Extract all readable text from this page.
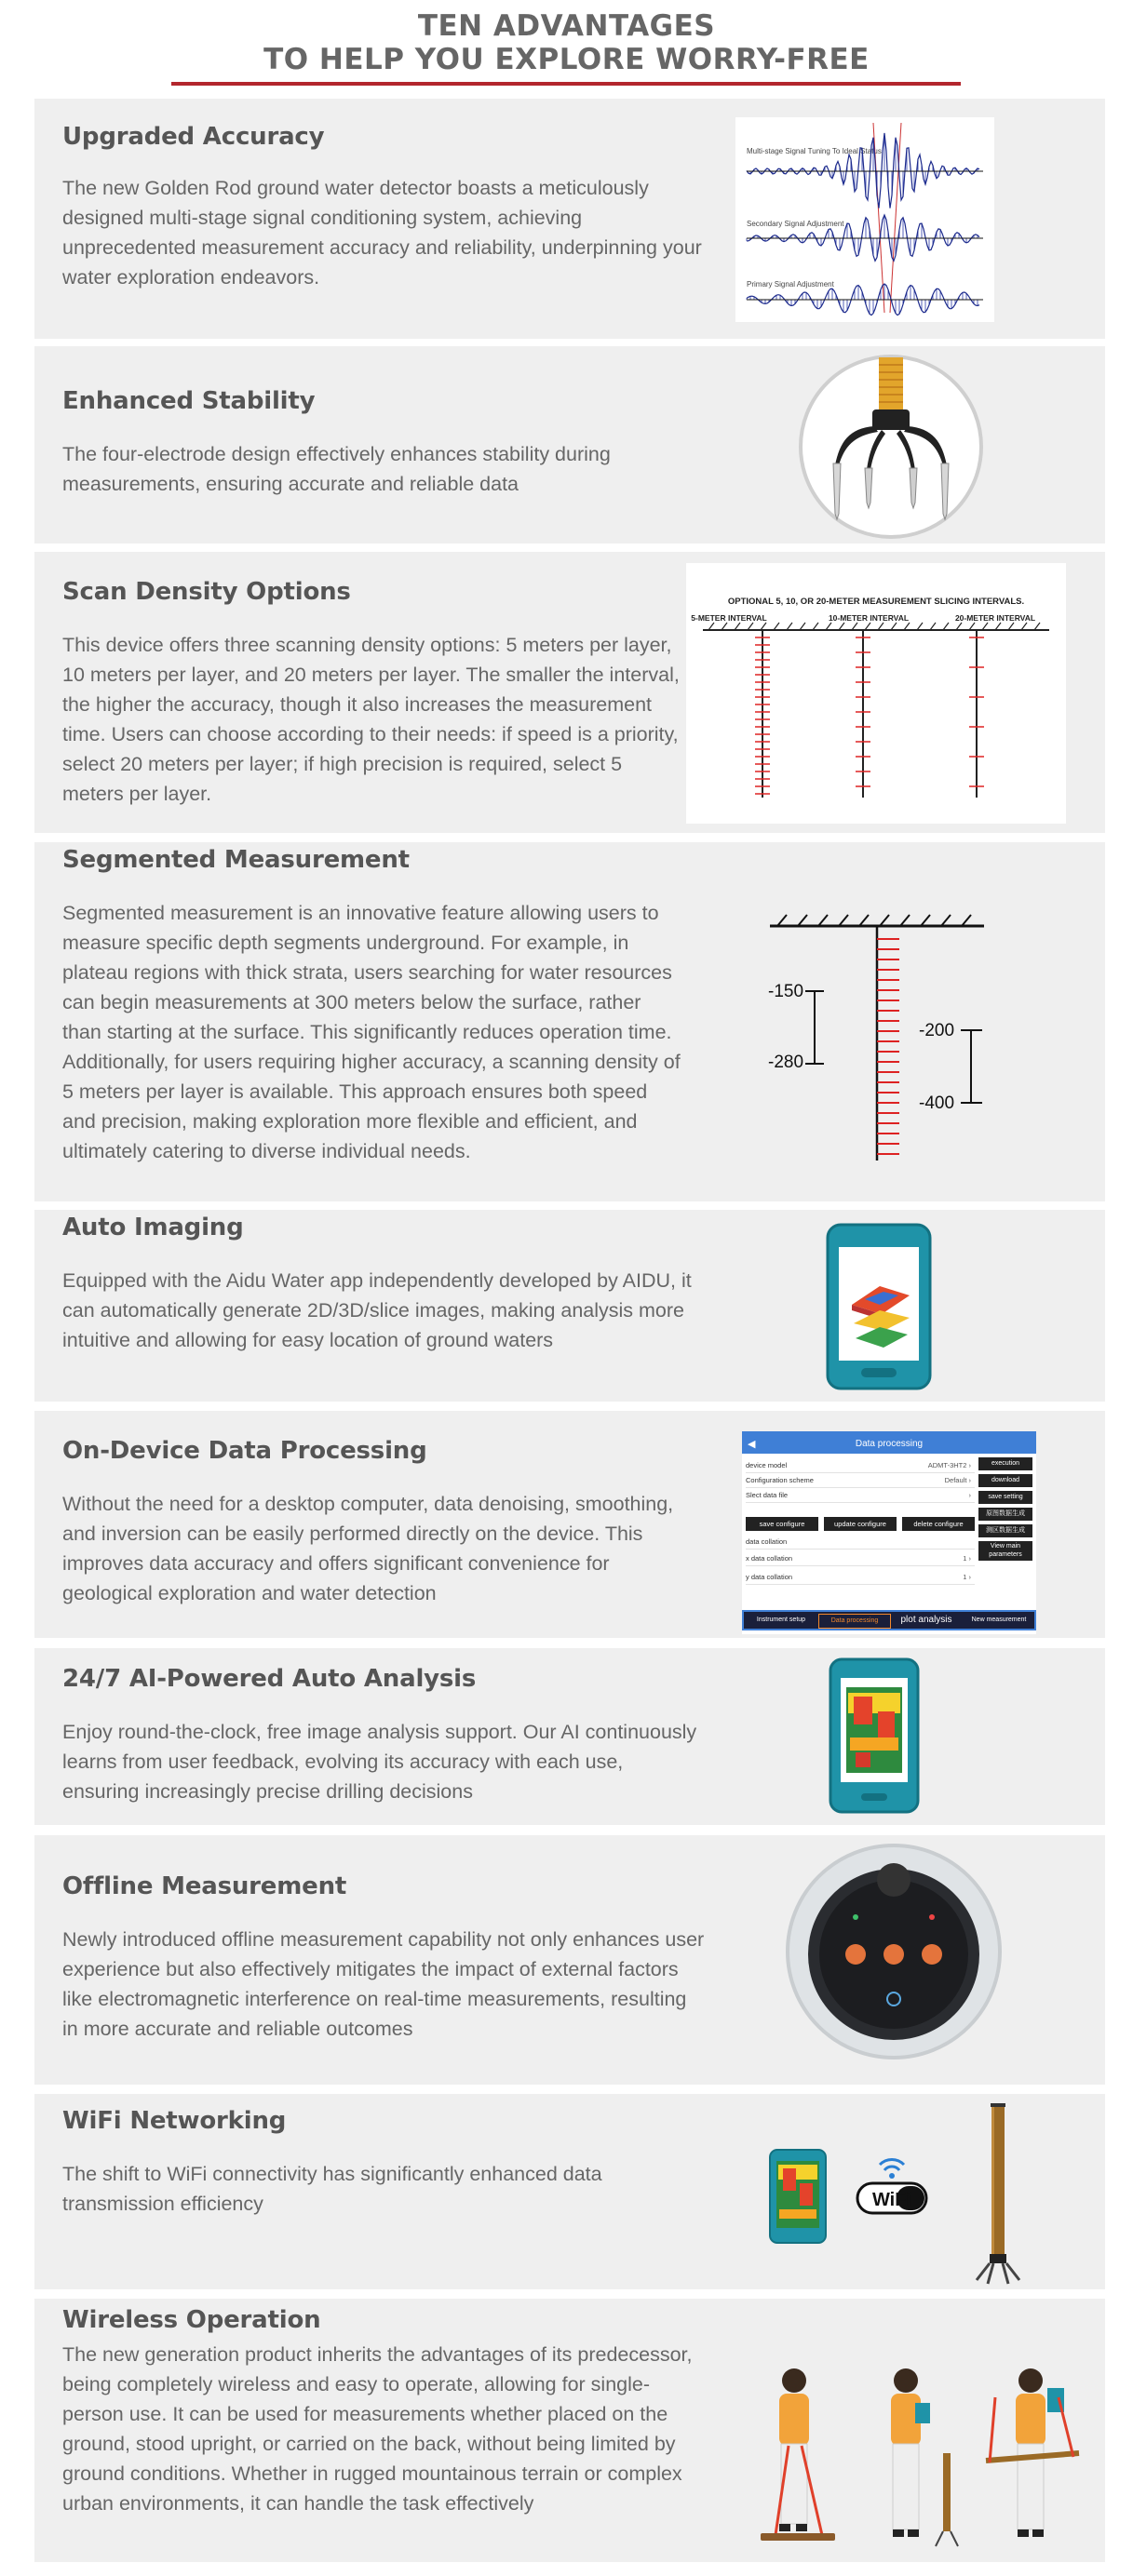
TEN ADVANTAGES
TO HELP YOU EXPLORE WORRY-FREE
Upgraded Accuracy

The new Golden Rod ground water detector boasts a meticulously designed multi-stage signal conditioning system, achieving unprecedented measurement accuracy and reliability, underpinning your water exploration endeavors.

Multi-stage Signal Tuning To Ideal Status
Secondary Signal Adjustment
Primary Signal Adjustment
Enhanced Stability

The four-electrode design effectively enhances stability during measurements, ensuring accurate and reliable data

Scan Density Options

This device offers three scanning density options: 5 meters per layer, 10 meters per layer, and 20 meters per layer. The smaller the interval, the higher the accuracy, though it also increases the measurement time. Users can choose according to their needs: if speed is a priority, select 20 meters per layer; if high precision is required, select 5 meters per layer.

OPTIONAL 5, 10, OR 20-METER MEASUREMENT SLICING INTERVALS.
5-METER INTERVAL	10-METER INTERVAL	20-METER INTERVAL
Segmented Measurement

Segmented measurement is an innovative feature allowing users to measure specific depth segments underground. For example, in plateau regions with thick strata, users searching for water resources can begin measurements at 300 meters below the surface, rather than starting at the surface. This significantly reduces operation time. Additionally, for users requiring higher accuracy, a scanning density of 5 meters per layer is available. This approach ensures both speed and precision, making exploration more flexible and efficient, and ultimately catering to diverse individual needs.

-150
-280
-200
-400
Auto Imaging

Equipped with the Aidu Water app independently developed by AIDU, it can automatically generate 2D/3D/slice images, making analysis more intuitive and allowing for easy location of ground waters

On-Device Data Processing

Without the need for a desktop computer, data denoising, smoothing, and inversion can be easily performed directly on the device. This improves data accuracy and offers significant convenience for geological exploration and water detection

◀	Data processing
device model	ADMT-3HT2 ›
Configuration scheme	Default ›
Slect data file	›
data collation
x data collation	1 ›
y data collation	1 ›
execution
download
save setting
原图数据生成
测区数据生成
View main parameters
save configure	update configure	delete configure
Instrument setup	Data processing	plot analysis	New measurement
24/7 AI-Powered Auto Analysis

Enjoy round-the-clock, free image analysis support. Our AI continuously learns from user feedback, evolving its accuracy with each use, ensuring increasingly precise drilling decisions

Offline Measurement

Newly introduced offline measurement capability not only enhances user experience but also effectively mitigates the impact of external factors like electromagnetic interference on real-time measurements, resulting in more accurate and reliable outcomes

WiFi Networking

The shift to WiFi connectivity has significantly enhanced data transmission efficiency	WiFi
Wireless Operation

The new generation product inherits the advantages of its predecessor, being completely wireless and easy to operate, allowing for single-person use. It can be used for measurements whether placed on the ground, stood upright, or carried on the back, without being limited by ground conditions. Whether in rugged mountainous terrain or complex urban environments, it can handle the task effectively
